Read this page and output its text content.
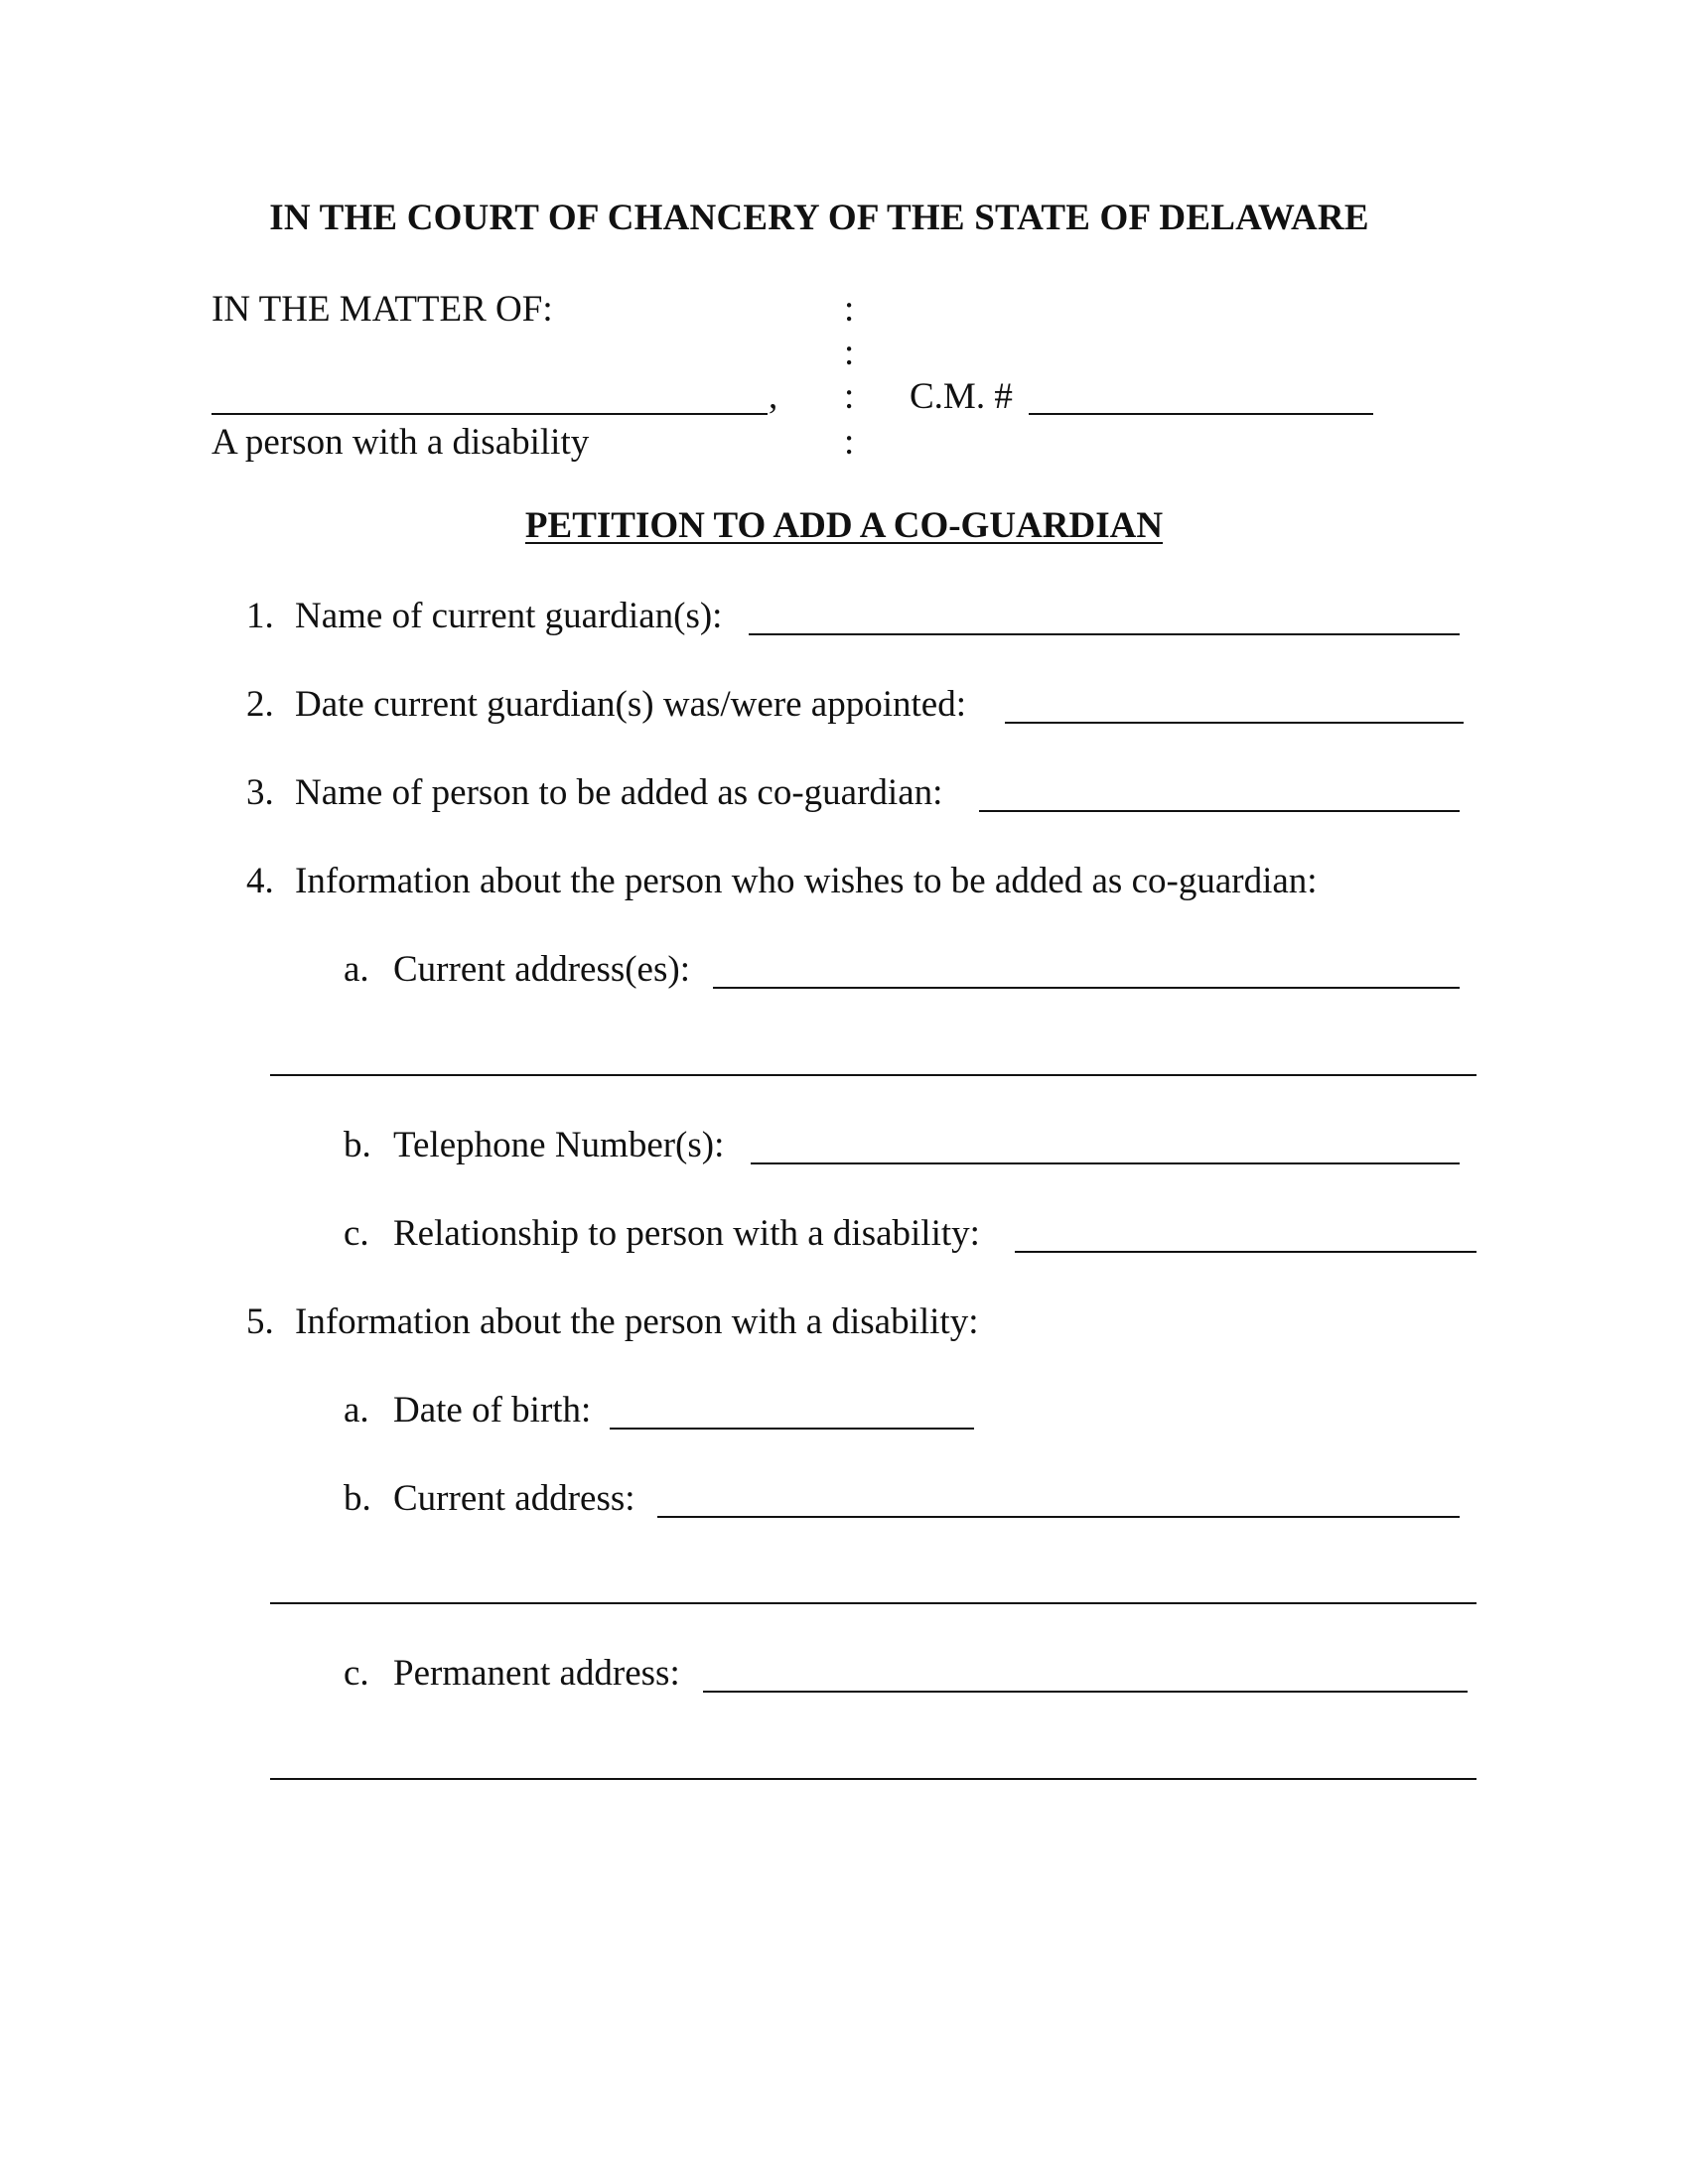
IN THE COURT OF CHANCERY OF THE STATE OF DELAWARE
IN THE MATTER OF:
,
A person with a disability
:
:
:
:
C.M. #
PETITION TO ADD A CO-GUARDIAN
1. Name of current guardian(s):
2. Date current guardian(s) was/were appointed:
3. Name of person to be added as co-guardian:
4. Information about the person who wishes to be added as co-guardian:
a. Current address(es):
b. Telephone Number(s):
c. Relationship to person with a disability:
5. Information about the person with a disability:
a. Date of birth:
b. Current address:
c. Permanent address:
